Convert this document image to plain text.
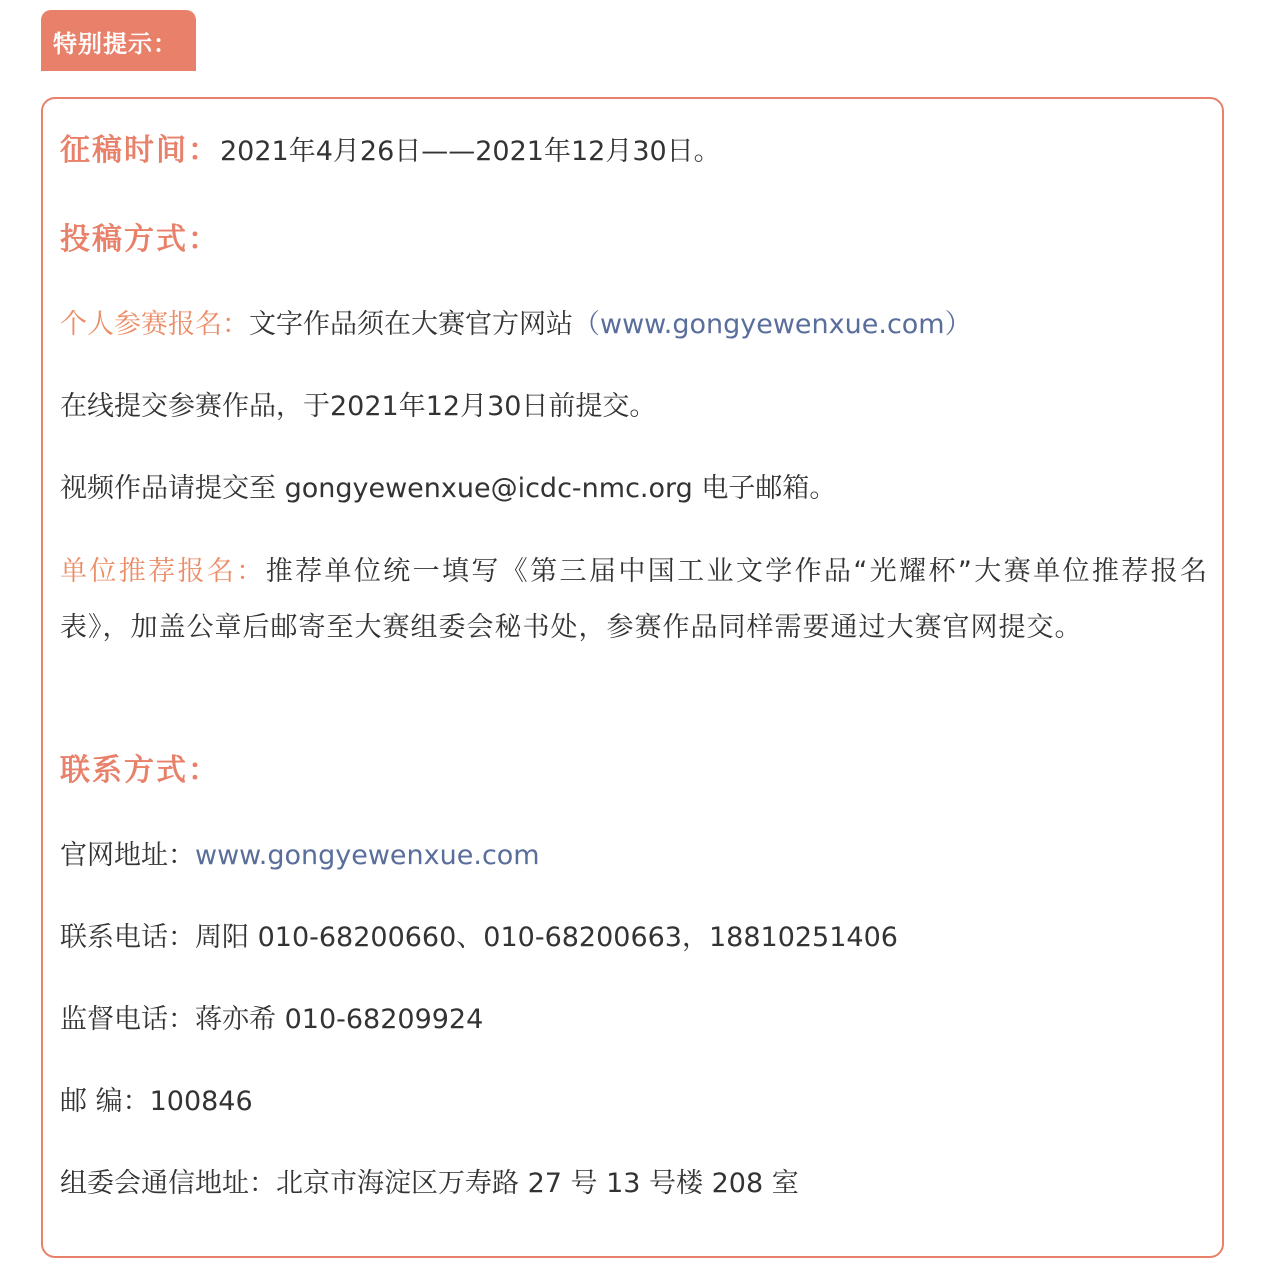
特别提示：
征稿时间：2021年4月26日——2021年12月30日。
投稿方式：
个人参赛报名：文字作品须在大赛官方网站（www.gongyewenxue.com）
在线提交参赛作品，于2021年12月30日前提交。
视频作品请提交至 gongyewenxue@icdc-nmc.org 电子邮箱。
单位推荐报名：推荐单位统一填写《第三届中国工业文学作品“光耀杯”大赛单位推荐报名表》，加盖公章后邮寄至大赛组委会秘书处，参赛作品同样需要通过大赛官网提交。
联系方式：
官网地址：www.gongyewenxue.com
联系电话：周阳 010-68200660、010-68200663，18810251406
监督电话：蒋亦希 010-68209924
邮 编：100846
组委会通信地址：北京市海淀区万寿路 27 号 13 号楼 208 室
